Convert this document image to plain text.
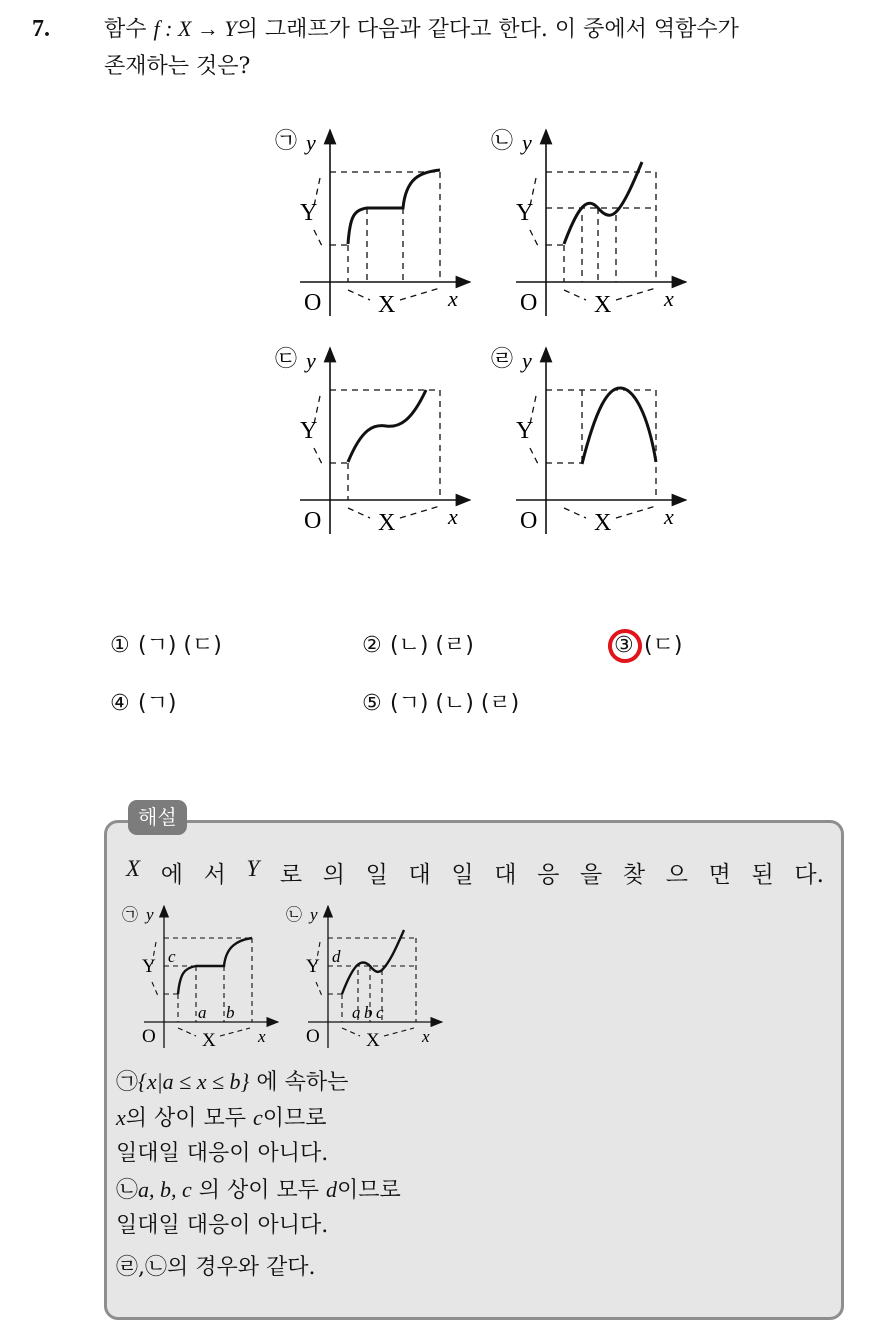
7. 함수 f : X → Y의 그래프가 다음과 같다고 한다. 이 중에서 역함수가
존재하는 것은?
㉠ y
Y
O X x
㉡ y
Y
O X x
㉢ y
Y
O X x
㉣ y
Y
O X x
① (ㄱ) (ㄷ)	② (ㄴ) (ㄹ)	③ (ㄷ)
④ (ㄱ)	⑤ (ㄱ) (ㄴ) (ㄹ)
해설
X 에 서 Y 로 의 일 대 일 대 응 을 찾 으 면 된 다.
㉠ y
Y c
a b
O X x
㉡ y
Y d
a b c
O X x
㉠{x|a ≤ x ≤ b} 에 속하는
x의 상이 모두 c이므로
일대일 대응이 아니다.
㉡a, b, c 의 상이 모두 d이므로
일대일 대응이 아니다.
㉣,㉡의 경우와 같다.
